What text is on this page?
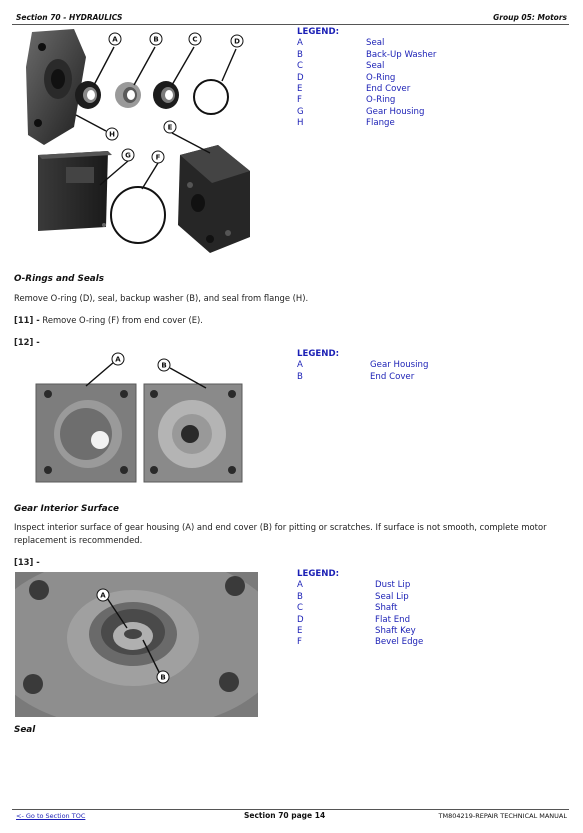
Section 70 - HYDRAULICS	Group 05: Motors
A	B	C	D
H
G	F
E
LEGEND:
A	Seal
B	Back-Up Washer
C	Seal
D	O-Ring
E	End Cover
F	O-Ring
G	Gear Housing
H	Flange
O-Rings and Seals
Remove O-ring (D), seal, backup washer (B), and seal from flange (H).
[11] - Remove O-ring (F) from end cover (E).
[12] -
A
B
LEGEND:
A	Gear Housing
B	End Cover
Gear Interior Surface
Inspect interior surface of gear housing (A) and end cover (B) for pitting or scratches. If surface is not smooth, complete motor
replacement is recommended.
[13] -
A
B
LEGEND:
A	Dust Lip
B	Seal Lip
C	Shaft
D	Flat End
E	Shaft Key
F	Bevel Edge
Seal
<- Go to Section TOC	Section 70 page 14	TM804219-REPAIR TECHNICAL MANUAL
